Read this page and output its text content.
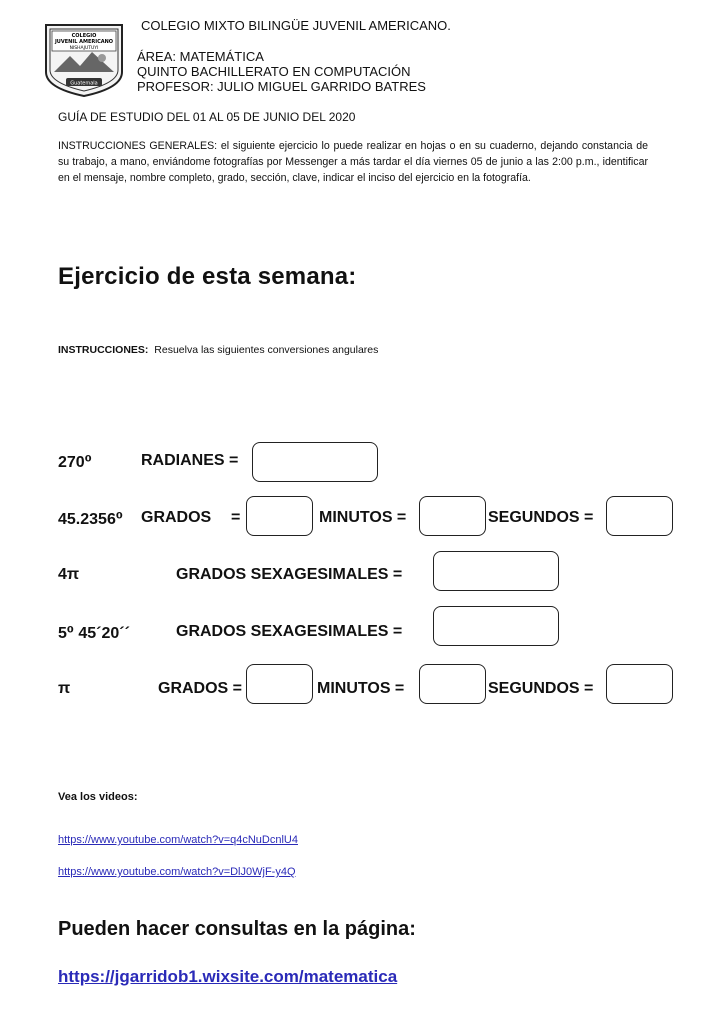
COLEGIO
JUVENIL AMERICANO
NISHAJUTUYI
Guatemala
COLEGIO MIXTO BILINGÜE JUVENIL AMERICANO.
ÁREA: MATEMÁTICA
QUINTO BACHILLERATO EN COMPUTACIÓN
PROFESOR: JULIO MIGUEL GARRIDO BATRES
GUÍA DE ESTUDIO DEL 01 AL 05 DE JUNIO DEL 2020
INSTRUCCIONES GENERALES: el siguiente ejercicio lo puede realizar en hojas o en su cuaderno, dejando constancia de su trabajo, a mano, enviándome fotografías por Messenger a más tardar el día viernes 05 de junio a las 2:00 p.m., identificar en el mensaje, nombre completo, grado, sección, clave, indicar el inciso del ejercicio en la fotografía.
Ejercicio de esta semana:
INSTRUCCIONES: Resuelva las siguientes conversiones angulares
270⁰	RADIANES =
45.2356⁰ GRADOS =	MINUTOS =	SEGUNDOS =
4π	GRADOS SEXAGESIMALES =
5⁰ 45´20´´	GRADOS SEXAGESIMALES =
π	GRADOS =	MINUTOS =	SEGUNDOS =
Vea los videos:
https://www.youtube.com/watch?v=q4cNuDcnlU4
https://www.youtube.com/watch?v=DlJ0WjF-y4Q
Pueden hacer consultas en la página:
https://jgarridob1.wixsite.com/matematica
